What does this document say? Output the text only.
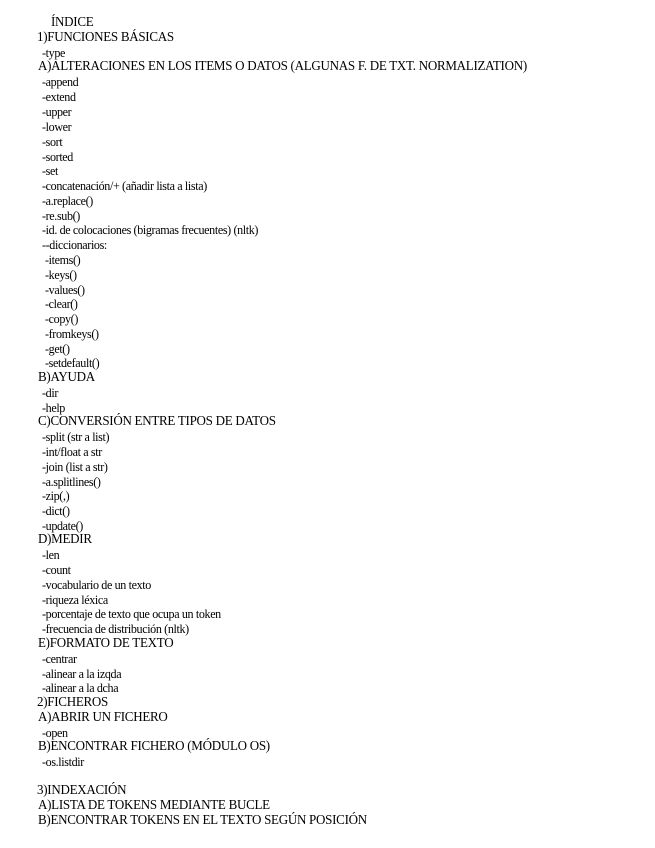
ÍNDICE
1)FUNCIONES BÁSICAS
-type
A)ALTERACIONES EN LOS ITEMS O DATOS (ALGUNAS F. DE TXT. NORMALIZATION)
-append
-extend
-upper
-lower
-sort
-sorted
-set
-concatenación/+ (añadir lista a lista)
-a.replace()
-re.sub()
-id. de colocaciones (bigramas frecuentes) (nltk)
--diccionarios:
-items()
-keys()
-values()
-clear()
-copy()
-fromkeys()
-get()
-setdefault()
B)AYUDA
-dir
-help
C)CONVERSIÓN ENTRE TIPOS DE DATOS
-split (str a list)
-int/float a str
-join (list a str)
-a.splitlines()
-zip(,)
-dict()
-update()
D)MEDIR
-len
-count
-vocabulario de un texto
-riqueza léxica
-porcentaje de texto que ocupa un token
-frecuencia de distribución (nltk)
E)FORMATO DE TEXTO
-centrar
-alinear a la izqda
-alinear a la dcha
2)FICHEROS
A)ABRIR UN FICHERO
-open
B)ENCONTRAR FICHERO (MÓDULO OS)
-os.listdir
3)INDEXACIÓN
A)LISTA DE TOKENS MEDIANTE BUCLE
B)ENCONTRAR TOKENS EN EL TEXTO SEGÚN POSICIÓN
